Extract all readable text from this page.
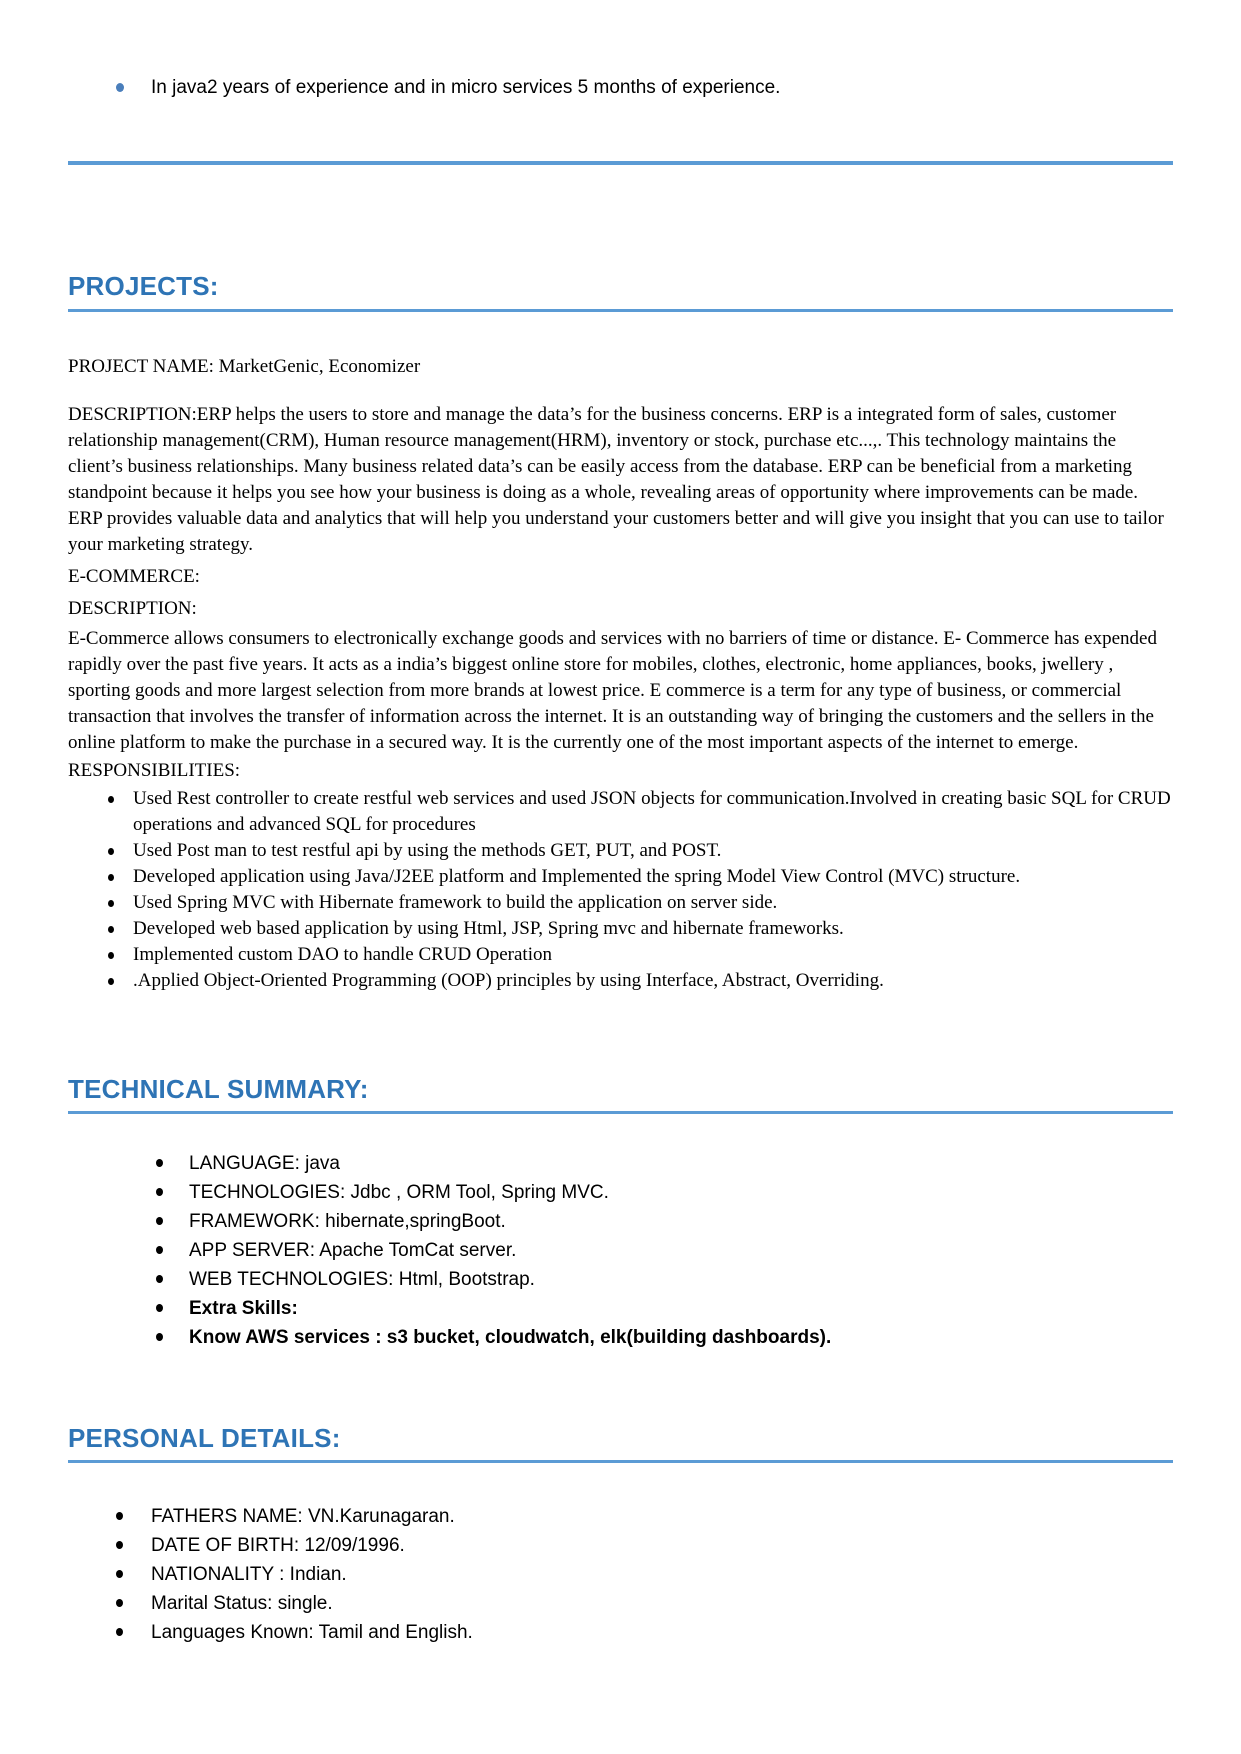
In java2 years of experience and in micro services 5 months of experience.
PROJECTS:

PROJECT NAME: MarketGenic, Economizer

DESCRIPTION:ERP helps the users to store and manage the data’s for the business concerns. ERP is a integrated form of sales, customer relationship management(CRM), Human resource management(HRM), inventory or stock, purchase etc...,. This technology maintains the client’s business relationships. Many business related data’s can be easily access from the database. ERP can be beneficial from a marketing standpoint because it helps you see how your business is doing as a whole, revealing areas of opportunity where improvements can be made. ERP provides valuable data and analytics that will help you understand your customers better and will give you insight that you can use to tailor your marketing strategy.

E-COMMERCE:

DESCRIPTION:

E-Commerce allows consumers to electronically exchange goods and services with no barriers of time or distance. E- Commerce has expended rapidly over the past five years. It acts as a india’s biggest online store for mobiles, clothes, electronic, home appliances, books, jwellery , sporting goods and more largest selection from more brands at lowest price. E commerce is a term for any type of business, or commercial transaction that involves the transfer of information across the internet. It is an outstanding way of bringing the customers and the sellers in the online platform to make the purchase in a secured way. It is the currently one of the most important aspects of the internet to emerge.

RESPONSIBILITIES:

Used Rest controller to create restful web services and used JSON objects for communication.Involved in creating basic SQL for CRUD operations and advanced SQL for procedures
Used Post man to test restful api by using the methods GET, PUT, and POST.
Developed application using Java/J2EE platform and Implemented the spring Model View Control (MVC) structure.
Used Spring MVC with Hibernate framework to build the application on server side.
Developed web based application by using Html, JSP, Spring mvc and hibernate frameworks.
Implemented custom DAO to handle CRUD Operation
.Applied Object-Oriented Programming (OOP) principles by using Interface, Abstract, Overriding.
TECHNICAL SUMMARY:
LANGUAGE: java
TECHNOLOGIES: Jdbc , ORM Tool, Spring MVC.
FRAMEWORK: hibernate,springBoot.
APP SERVER: Apache TomCat server.
WEB TECHNOLOGIES: Html, Bootstrap.
Extra Skills:
Know AWS services : s3 bucket, cloudwatch, elk(building dashboards).
PERSONAL DETAILS:
FATHERS NAME: VN.Karunagaran.
DATE OF BIRTH: 12/09/1996.
NATIONALITY : Indian.
Marital Status: single.
Languages Known: Tamil and English.
